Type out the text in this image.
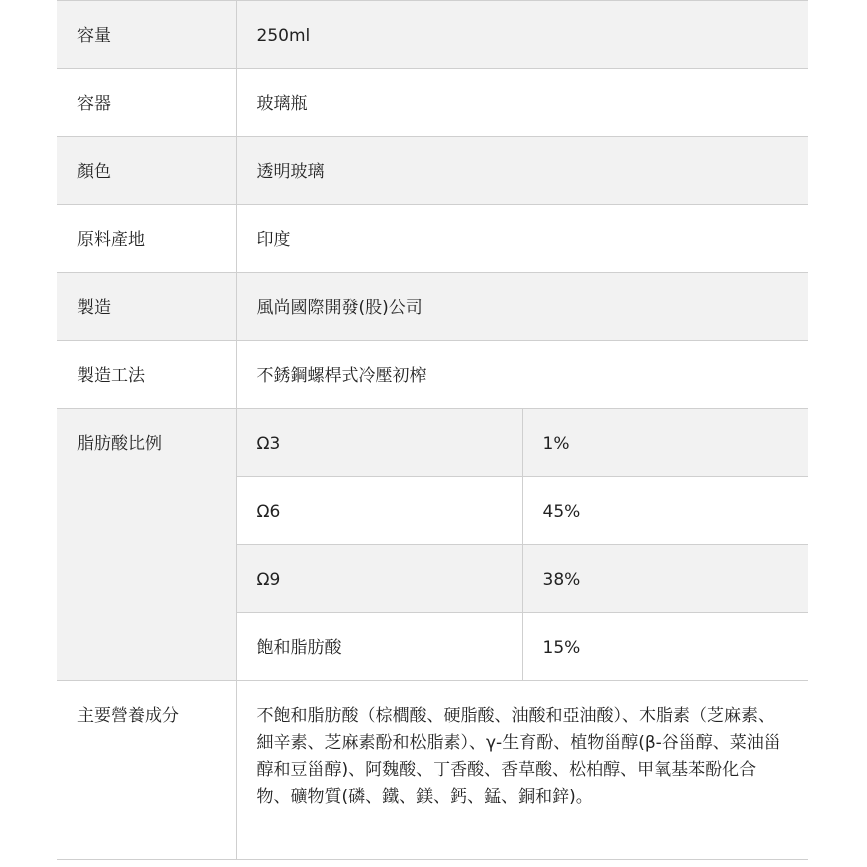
容量	250ml	
容器	玻璃瓶	
顏色	透明玻璃	
原料產地	印度	
製造	風尚國際開發(股)公司	
製造工法	不銹鋼螺桿式冷壓初榨	
脂肪酸比例	Ω3	1%
	Ω6	45%
	Ω9	38%
	飽和脂肪酸	15%
主要營養成分	不飽和脂肪酸（棕櫚酸、硬脂酸、油酸和亞油酸）、木脂素（芝麻素、細辛素、芝麻素酚和松脂素）、γ-生育酚、植物甾醇(β-谷甾醇、菜油甾醇和豆甾醇)、阿魏酸、丁香酸、香草酸、松柏醇、甲氧基苯酚化合物、礦物質(磷、鐵、鎂、鈣、錳、銅和鋅)。	
